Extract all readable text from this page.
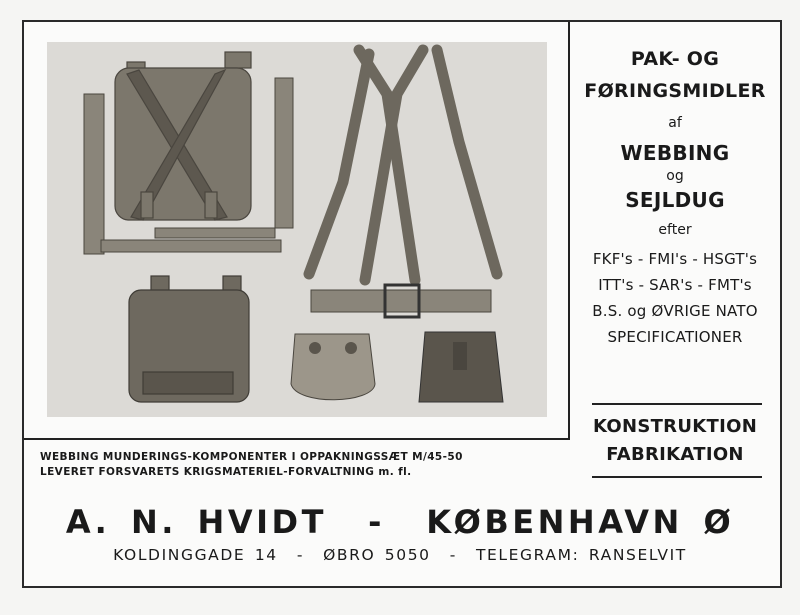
PAK- OG

FØRINGSMIDLER

af

WEBBING

og

SEJLDUG

efter

FKF's - FMI's - HSGT's

ITT's - SAR's - FMT's

B.S. og ØVRIGE NATO

SPECIFICATIONER

KONSTRUKTION

FABRIKATION

WEBBING MUNDERINGS-KOMPONENTER I OPPAKNINGSSÆT M/45-50
LEVERET FORSVARETS KRIGSMATERIEL-FORVALTNING m. fl.
A. N. HVIDT  -  KØBENHAVN Ø
KOLDINGGADE 14  -  ØBRO 5050  -  TELEGRAM: RANSELVIT
